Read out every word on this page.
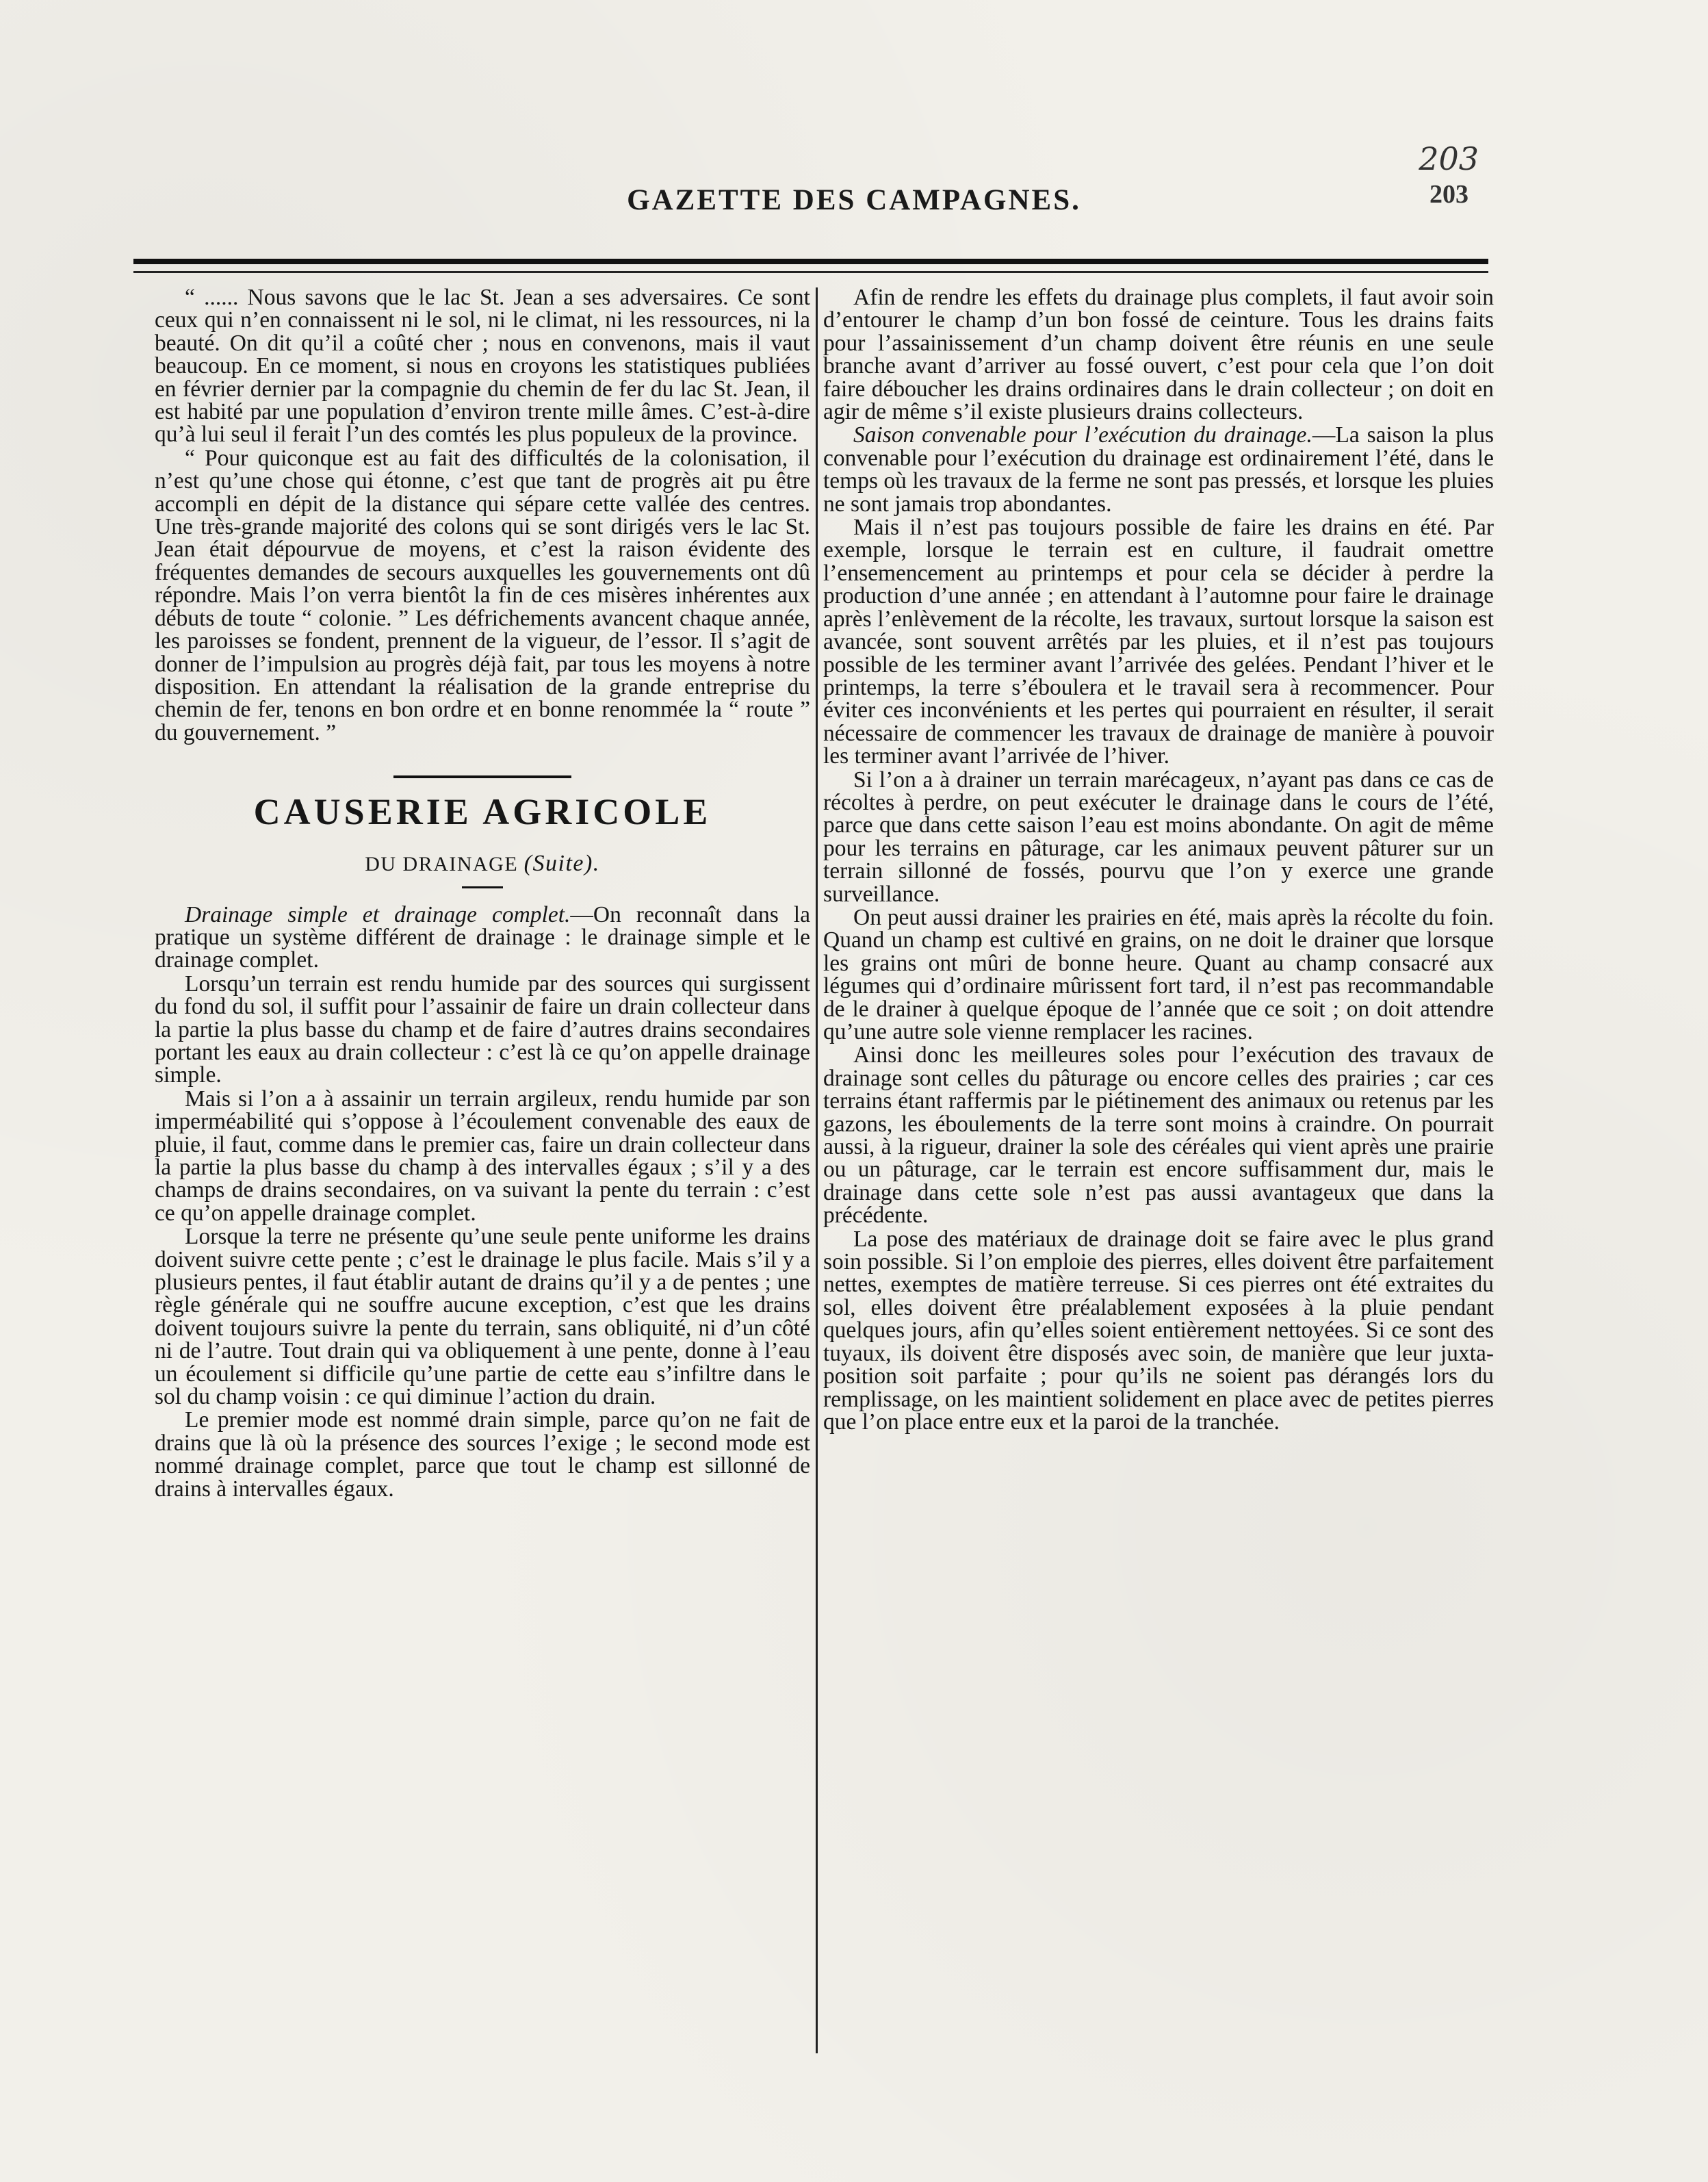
203
203
GAZETTE DES CAMPAGNES.

“ ...... Nous savons que le lac St. Jean a ses adversaires. Ce sont ceux qui n’en connaissent ni le sol, ni le climat, ni les ressources, ni la beauté. On dit qu’il a coûté cher ; nous en convenons, mais il vaut beaucoup. En ce moment, si nous en croyons les statistiques publiées en février dernier par la compagnie du chemin de fer du lac St. Jean, il est habité par une population d’environ trente mille âmes. C’est-à-dire qu’à lui seul il ferait l’un des comtés les plus populeux de la province.

“ Pour quiconque est au fait des difficultés de la colonisation, il n’est qu’une chose qui étonne, c’est que tant de progrès ait pu être accompli en dépit de la distance qui sépare cette vallée des centres. Une très-grande majorité des colons qui se sont dirigés vers le lac St. Jean était dépourvue de moyens, et c’est la raison évidente des fréquentes demandes de secours auxquelles les gouvernements ont dû répondre. Mais l’on verra bientôt la fin de ces misères inhérentes aux débuts de toute “ colonie. ” Les défrichements avancent chaque année, les paroisses se fondent, prennent de la vigueur, de l’essor. Il s’agit de donner de l’impulsion au progrès déjà fait, par tous les moyens à notre disposition. En attendant la réalisation de la grande entreprise du chemin de fer, tenons en bon ordre et en bonne renommée la “ route ” du gouvernement. ”

CAUSERIE AGRICOLE
DU DRAINAGE (Suite).

Drainage simple et drainage complet.—On reconnaît dans la pratique un système différent de drainage : le drainage simple et le drainage complet.

Lorsqu’un terrain est rendu humide par des sources qui surgissent du fond du sol, il suffit pour l’assainir de faire un drain collecteur dans la partie la plus basse du champ et de faire d’autres drains secondaires portant les eaux au drain collecteur : c’est là ce qu’on appelle drainage simple.

Mais si l’on a à assainir un terrain argileux, rendu humide par son imperméabilité qui s’oppose à l’écoulement convenable des eaux de pluie, il faut, comme dans le premier cas, faire un drain collecteur dans la partie la plus basse du champ à des intervalles égaux ; s’il y a des champs de drains secondaires, on va suivant la pente du terrain : c’est ce qu’on appelle drainage complet.

Lorsque la terre ne présente qu’une seule pente uniforme les drains doivent suivre cette pente ; c’est le drainage le plus facile. Mais s’il y a plusieurs pentes, il faut établir autant de drains qu’il y a de pentes ; une règle générale qui ne souffre aucune exception, c’est que les drains doivent toujours suivre la pente du terrain, sans obliquité, ni d’un côté ni de l’autre. Tout drain qui va obliquement à une pente, donne à l’eau un écoulement si difficile qu’une partie de cette eau s’infiltre dans le sol du champ voisin : ce qui diminue l’action du drain.

Le premier mode est nommé drain simple, parce qu’on ne fait de drains que là où la présence des sources l’exige ; le second mode est nommé drainage complet, parce que tout le champ est sillonné de drains à intervalles égaux.

Afin de rendre les effets du drainage plus complets, il faut avoir soin d’entourer le champ d’un bon fossé de ceinture. Tous les drains faits pour l’assainissement d’un champ doivent être réunis en une seule branche avant d’arriver au fossé ouvert, c’est pour cela que l’on doit faire déboucher les drains ordinaires dans le drain collecteur ; on doit en agir de même s’il existe plusieurs drains collecteurs.

Saison convenable pour l’exécution du drainage.—La saison la plus convenable pour l’exécution du drainage est ordinairement l’été, dans le temps où les travaux de la ferme ne sont pas pressés, et lorsque les pluies ne sont jamais trop abondantes.

Mais il n’est pas toujours possible de faire les drains en été. Par exemple, lorsque le terrain est en culture, il faudrait omettre l’ensemencement au printemps et pour cela se décider à perdre la production d’une année ; en attendant à l’automne pour faire le drainage après l’enlèvement de la récolte, les travaux, surtout lorsque la saison est avancée, sont souvent arrêtés par les pluies, et il n’est pas toujours possible de les terminer avant l’arrivée des gelées. Pendant l’hiver et le printemps, la terre s’éboulera et le travail sera à recommencer. Pour éviter ces inconvénients et les pertes qui pourraient en résulter, il serait nécessaire de commencer les travaux de drainage de manière à pouvoir les terminer avant l’arrivée de l’hiver.

Si l’on a à drainer un terrain marécageux, n’ayant pas dans ce cas de récoltes à perdre, on peut exécuter le drainage dans le cours de l’été, parce que dans cette saison l’eau est moins abondante. On agit de même pour les terrains en pâturage, car les animaux peuvent pâturer sur un terrain sillonné de fossés, pourvu que l’on y exerce une grande surveillance.

On peut aussi drainer les prairies en été, mais après la récolte du foin. Quand un champ est cultivé en grains, on ne doit le drainer que lorsque les grains ont mûri de bonne heure. Quant au champ consacré aux légumes qui d’ordinaire mûrissent fort tard, il n’est pas recommandable de le drainer à quelque époque de l’année que ce soit ; on doit attendre qu’une autre sole vienne remplacer les racines.

Ainsi donc les meilleures soles pour l’exécution des travaux de drainage sont celles du pâturage ou encore celles des prairies ; car ces terrains étant raffermis par le piétinement des animaux ou retenus par les gazons, les éboulements de la terre sont moins à craindre. On pourrait aussi, à la rigueur, drainer la sole des céréales qui vient après une prairie ou un pâturage, car le terrain est encore suffisamment dur, mais le drainage dans cette sole n’est pas aussi avantageux que dans la précédente.

La pose des matériaux de drainage doit se faire avec le plus grand soin possible. Si l’on emploie des pierres, elles doivent être parfaitement nettes, exemptes de matière terreuse. Si ces pierres ont été extraites du sol, elles doivent être préalablement exposées à la pluie pendant quelques jours, afin qu’elles soient entièrement nettoyées. Si ce sont des tuyaux, ils doivent être disposés avec soin, de manière que leur juxta-position soit parfaite ; pour qu’ils ne soient pas dérangés lors du remplissage, on les maintient solidement en place avec de petites pierres que l’on place entre eux et la paroi de la tranchée.
